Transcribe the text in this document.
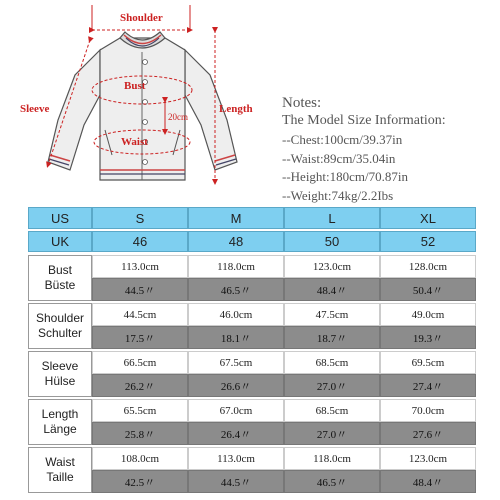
Shoulder
Bust
Sleeve	Length
Waist
20cm
Notes:
The Model Size Information:
--Chest:100cm/39.37in
--Waist:89cm/35.04in
--Height:180cm/70.87in
--Weight:74kg/2.2Ibs
US	S	M	L	XL
UK	46	48	50	52
Bust
Büste
113.0cm	118.0cm	123.0cm	128.0cm
44.5〃	46.5〃	48.4〃	50.4〃
Shoulder
Schulter
44.5cm	46.0cm	47.5cm	49.0cm
17.5〃	18.1〃	18.7〃	19.3〃
Sleeve
Hülse
66.5cm	67.5cm	68.5cm	69.5cm
26.2〃	26.6〃	27.0〃	27.4〃
Length
Länge
65.5cm	67.0cm	68.5cm	70.0cm
25.8〃	26.4〃	27.0〃	27.6〃
Waist
Taille
108.0cm	113.0cm	118.0cm	123.0cm
42.5〃	44.5〃	46.5〃	48.4〃
